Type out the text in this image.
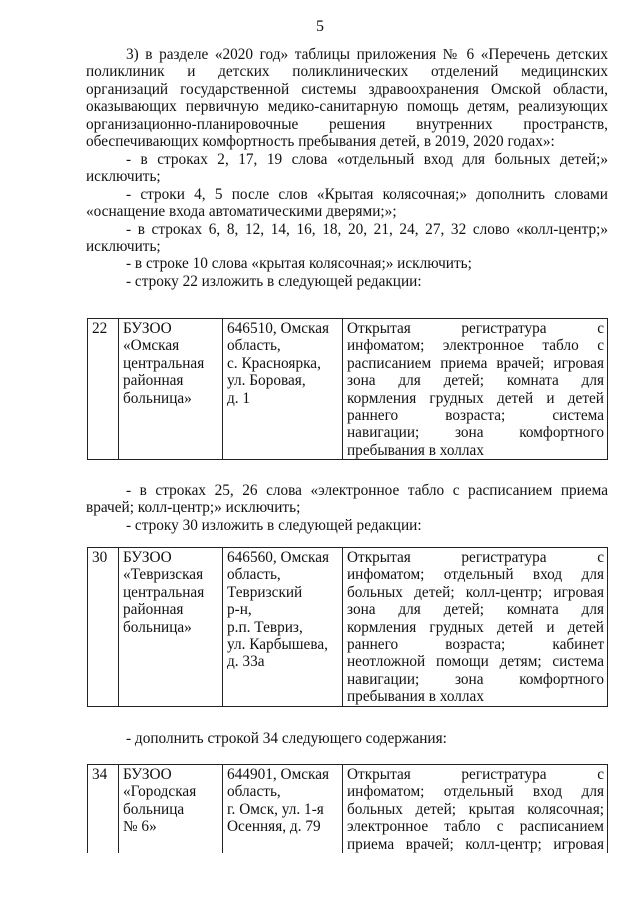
5
3) в разделе «2020 год» таблицы приложения № 6 «Перечень детских
поликлиник и детских поликлинических отделений медицинских
организаций государственной системы здравоохранения Омской области,
оказывающих первичную медико-санитарную помощь детям, реализующих
организационно-планировочные решения внутренних пространств,
обеспечивающих комфортность пребывания детей, в 2019, 2020 годах»:
- в строках 2, 17, 19 слова «отдельный вход для больных детей;»
исключить;
- строки 4, 5 после слов «Крытая колясочная;» дополнить словами
«оснащение входа автоматическими дверями;»;
- в строках 6, 8, 12, 14, 16, 18, 20, 21, 24, 27, 32 слово «колл-центр;»
исключить;
- в строке 10 слова «крытая колясочная;» исключить;
- строку 22 изложить в следующей редакции:
22	БУЗОО
«Омская
центральная
районная
больница»

646510, Омская
область,
с. Красноярка,
ул. Боровая,
д. 1

Открытая регистратура с
инфоматом; электронное табло с
расписанием приема врачей; игровая
зона для детей; комната для
кормления грудных детей и детей
раннего возраста; система
навигации; зона комфортного
пребывания в холлах
- в строках 25, 26 слова «электронное табло с расписанием приема
врачей; колл-центр;» исключить;
- строку 30 изложить в следующей редакции:
30	БУЗОО
«Тевризская
центральная
районная
больница»

646560, Омская
область,
Тевризский
р-н,
р.п. Тевриз,
ул. Карбышева,
д. 33а

Открытая регистратура с
инфоматом; отдельный вход для
больных детей; колл-центр; игровая
зона для детей; комната для
кормления грудных детей и детей
раннего возраста; кабинет
неотложной помощи детям; система
навигации; зона комфортного
пребывания в холлах
- дополнить строкой 34 следующего содержания:
34	БУЗОО
«Городская
больница
№ 6»

644901, Омская
область,
г. Омск, ул. 1-я
Осенняя, д. 79

Открытая регистратура с
инфоматом; отдельный вход для
больных детей; крытая колясочная;
электронное табло с расписанием
приема врачей; колл-центр; игровая
